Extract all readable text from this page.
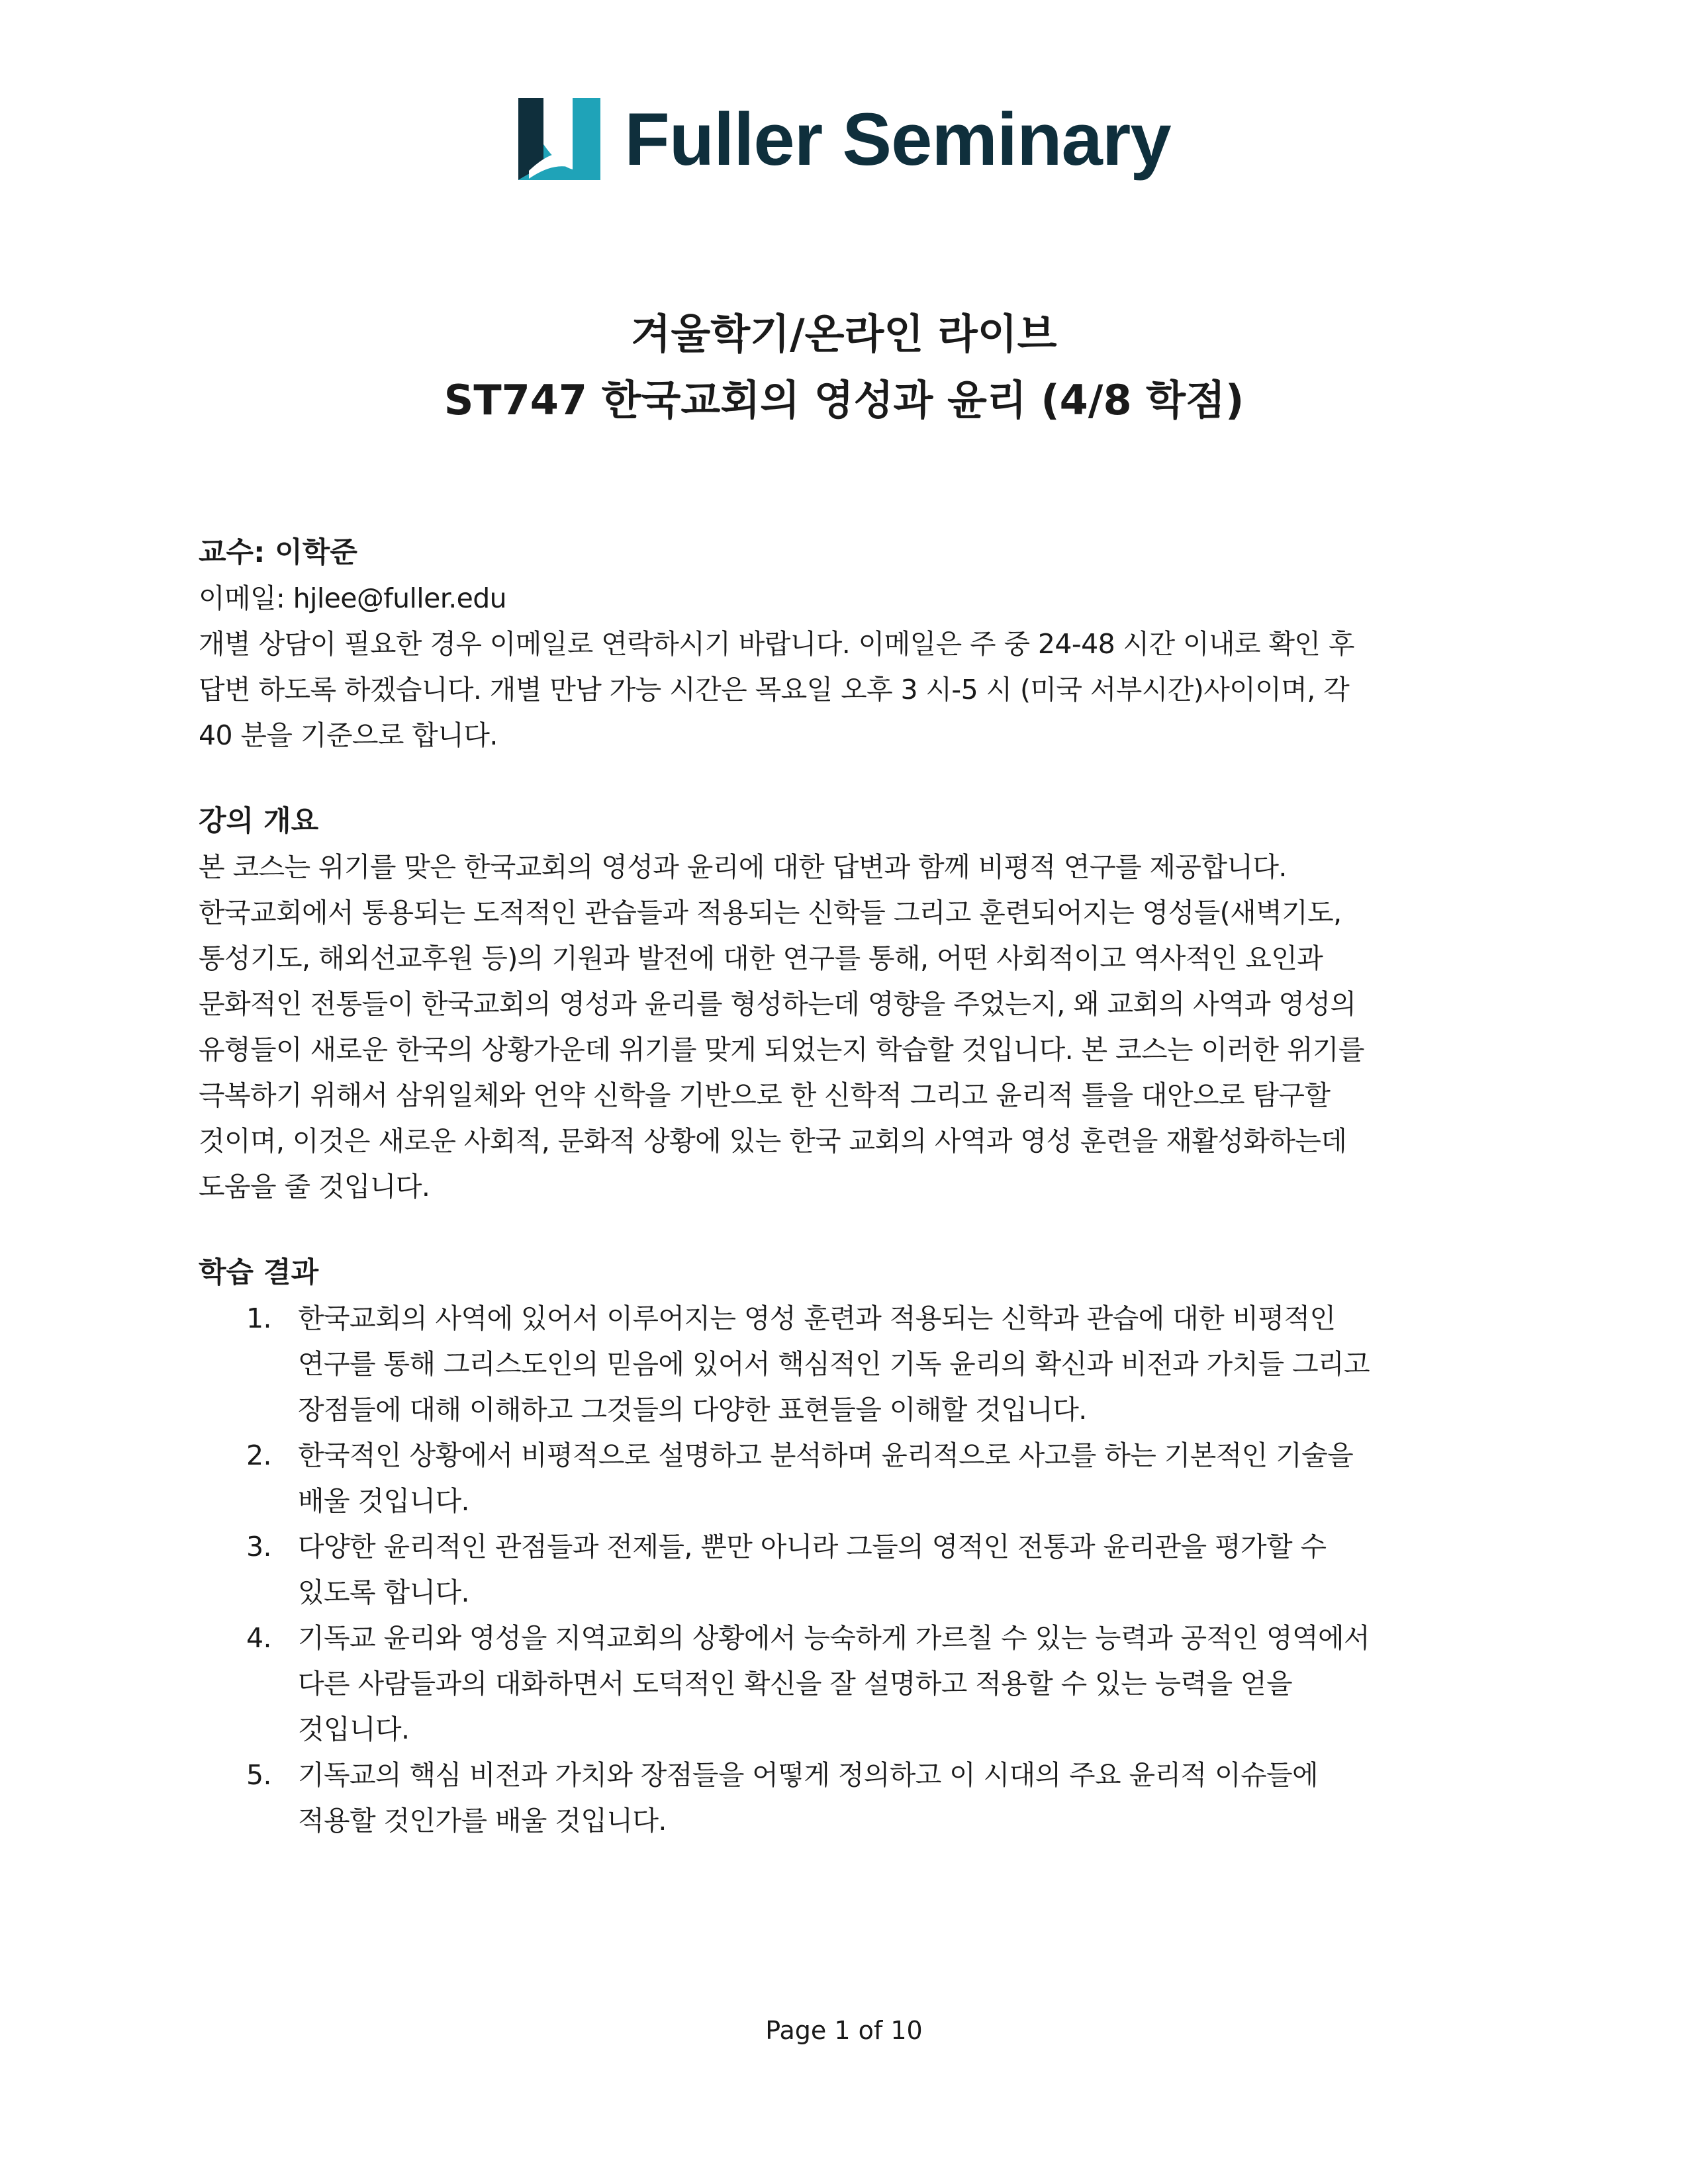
Fuller Seminary
겨울학기/온라인 라이브
ST747 한국교회의 영성과 윤리 (4/8 학점)
교수: 이학준
이메일: hjlee@fuller.edu
개별 상담이 필요한 경우 이메일로 연락하시기 바랍니다. 이메일은 주 중 24-48 시간 이내로 확인 후
답변 하도록 하겠습니다. 개별 만남 가능 시간은 목요일 오후 3 시-5 시 (미국 서부시간)사이이며, 각
40 분을 기준으로 합니다.
강의 개요
본 코스는 위기를 맞은 한국교회의 영성과 윤리에 대한 답변과 함께 비평적 연구를 제공합니다.
한국교회에서 통용되는 도적적인 관습들과 적용되는 신학들 그리고 훈련되어지는 영성들(새벽기도,
통성기도, 해외선교후원 등)의 기원과 발전에 대한 연구를 통해, 어떤 사회적이고 역사적인 요인과
문화적인 전통들이 한국교회의 영성과 윤리를 형성하는데 영향을 주었는지, 왜 교회의 사역과 영성의
유형들이 새로운 한국의 상황가운데 위기를 맞게 되었는지 학습할 것입니다. 본 코스는 이러한 위기를
극복하기 위해서 삼위일체와 언약 신학을 기반으로 한 신학적 그리고 윤리적 틀을 대안으로 탐구할
것이며, 이것은 새로운 사회적, 문화적 상황에 있는 한국 교회의 사역과 영성 훈련을 재활성화하는데
도움을 줄 것입니다.
학습 결과
1. 한국교회의 사역에 있어서 이루어지는 영성 훈련과 적용되는 신학과 관습에 대한 비평적인
연구를 통해 그리스도인의 믿음에 있어서 핵심적인 기독 윤리의 확신과 비전과 가치들 그리고
장점들에 대해 이해하고 그것들의 다양한 표현들을 이해할 것입니다.
2. 한국적인 상황에서 비평적으로 설명하고 분석하며 윤리적으로 사고를 하는 기본적인 기술을
배울 것입니다.
3. 다양한 윤리적인 관점들과 전제들, 뿐만 아니라 그들의 영적인 전통과 윤리관을 평가할 수
있도록 합니다.
4. 기독교 윤리와 영성을 지역교회의 상황에서 능숙하게 가르칠 수 있는 능력과 공적인 영역에서
다른 사람들과의 대화하면서 도덕적인 확신을 잘 설명하고 적용할 수 있는 능력을 얻을
것입니다.
5. 기독교의 핵심 비전과 가치와 장점들을 어떻게 정의하고 이 시대의 주요 윤리적 이슈들에
적용할 것인가를 배울 것입니다.
Page 1 of 10
